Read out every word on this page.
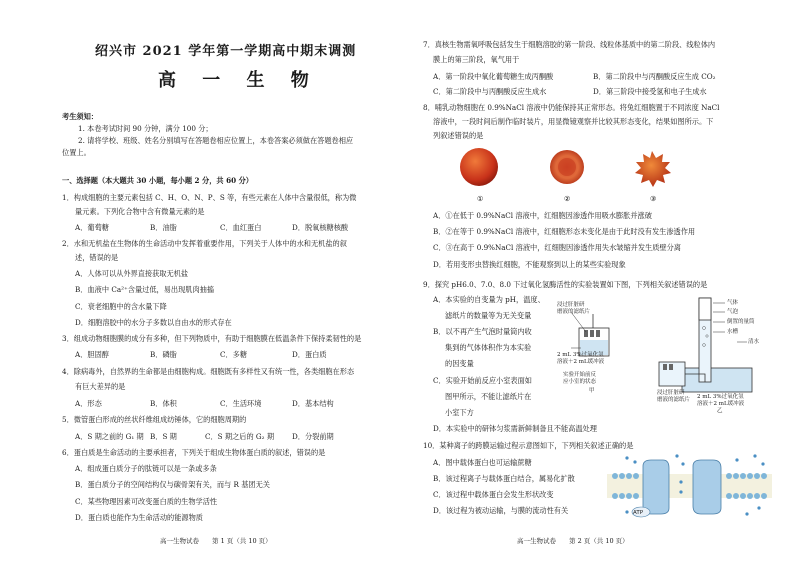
绍兴市 2021 学年第一学期高中期末调测
高 一 生 物
考生须知：
1. 本卷考试时间 90 分钟，满分 100 分；
2. 请将学校、班级、姓名分别填写在答题卷相应位置上，本卷答案必须做在答题卷相应
位置上。
一、选择题（本大题共 30 小题，每小题 2 分，共 60 分）
1．构成细胞的主要元素包括 C、H、O、N、P、S 等，有些元素在人体中含量很低，称为微
量元素。下列化合物中含有微量元素的是
A．葡萄糖	B．油脂	C．血红蛋白	D．脱氧核糖核酸
2．水和无机盐在生物体的生命活动中发挥着重要作用，下列关于人体中的水和无机盐的叙
述，错误的是
A．人体可以从外界直接获取无机盐
B．血液中 Ca²⁺含量过低，易出现肌肉抽搐
C．衰老细胞中的含水量下降
D．细胞溶胶中的水分子多数以自由水的形式存在
3．组成动物细胞膜的成分有多种，但下列物质中，有助于细胞膜在低温条件下保持柔韧性的是
A．胆固醇	B．磷脂	C．多糖	D．蛋白质
4．除病毒外，自然界的生命都是由细胞构成。细胞既有多样性又有统一性，各类细胞在形态
有巨大差异的是
A．形态	B．体积	C．生活环境	D．基本结构
5．微管蛋白形成的丝状纤维组成纺锤体，它的细胞周期的
A．S 期之前的 G₁ 期 B．S 期	C．S 期之后的 G₂ 期 D．分裂前期
6．蛋白质是生命活动的主要承担者，下列关于组成生物体蛋白质的叙述，错误的是
A．组成蛋白质分子的肽链可以是一条或多条
B．蛋白质分子的空间结构仅与碳骨架有关，而与 R 基团无关
C．某些物理因素可改变蛋白质的生物学活性
D．蛋白质也能作为生命活动的能源物质
高一生物试卷　　第 1 页（共 10 页）
7．真核生物需氧呼吸包括发生于细胞溶胶的第一阶段、线粒体基质中的第二阶段、线粒体内
膜上的第三阶段，氧气用于
A．第一阶段中氧化葡萄糖生成丙酮酸	B．第二阶段中与丙酮酸反应生成 CO₂
C．第二阶段中与丙酮酸反应生成水	D．第三阶段中接受氢和电子生成水
8．哺乳动物细胞在 0.9%NaCl 溶液中仍能保持其正常形态。将兔红细胞置于不同浓度 NaCl
溶液中，一段时间后制作临时装片，用显微镜观察并比较其形态变化，结果如图所示。下
列叙述错误的是
①	②	③
A．①在低于 0.9%NaCl 溶液中，红细胞因渗透作用吸水膨胀并涨破
B．②在等于 0.9%NaCl 溶液中，红细胞形态未变化是由于此时没有发生渗透作用
C．③在高于 0.9%NaCl 溶液中，红细胞因渗透作用失水皱缩并发生质壁分离
D．若用变形虫替换红细胞，不能观察到以上的某些实验现象
9．探究 pH6.0、7.0、8.0 下过氧化氢酶活性的实验装置如下图，下列相关叙述错误的是
A．本实验的自变量为 pH，温度、
滤纸片的数量等为无关变量
B．以不再产生气泡时量筒内收
集到的气体体积作为本实验
的因变量
C．实验开始前反应小室表面如
图甲所示，不能让滤纸片在
小室下方
D．本实验中的研钵匀浆需新鲜制备且不能高温处理
浸过肝脏研
磨液的滤纸片
2 mL 3%过氧化氢
溶液＋2 mL缓冲液
实验开始前反
应小室的状态
甲
气体
气泡
倒置的量筒
水槽
清水
浸过肝脏研
磨液的滤纸片 2 mL 3%过氧化氢
溶液＋2 mL缓冲液
乙
10．某种离子的跨膜运输过程示意图如下，下列相关叙述正确的是
A．图中载体蛋白也可运输蔗糖
B．该过程离子与载体蛋白结合，属易化扩散
C．该过程中载体蛋白会发生形状改变
D．该过程为被动运输，与膜的流动性有关	ATP
高一生物试卷　　第 2 页（共 10 页）
